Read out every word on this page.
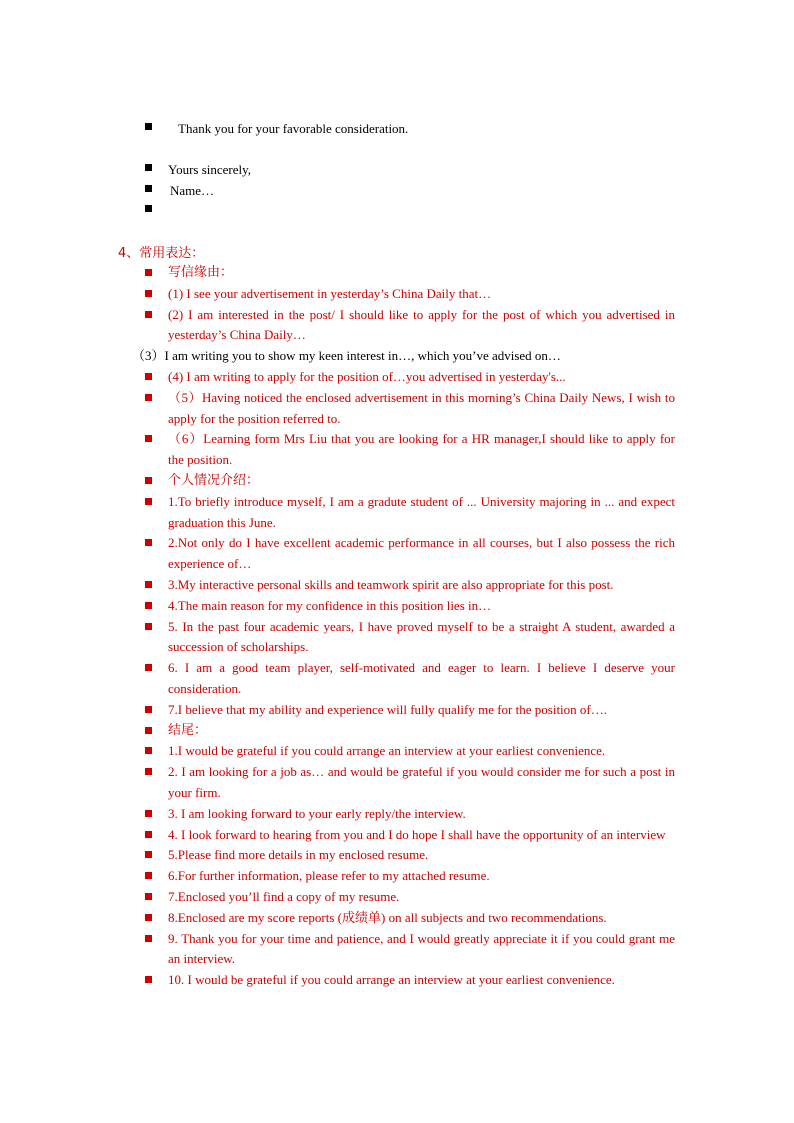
Thank you for your favorable consideration.
Yours sincerely,
Name…
4、常用表达：
写信缘由：
(1) I see your advertisement in yesterday’s China Daily that…
(2) I am interested in the post/ I should like to apply for the post of which you advertised in yesterday’s China Daily…
（3）I am writing you to show my keen interest in…, which you’ve advised on…
(4) I am writing to apply for the position of…you advertised in yesterday's...
（5）Having noticed the enclosed advertisement in this morning’s China Daily News, I wish to apply for the position referred to.
（6）Learning form Mrs Liu that you are looking for a HR manager,I should like to apply for the position.
个人情况介绍：
1.To briefly introduce myself, I am a gradute student of ... University majoring in ... and expect graduation this June.
2.Not only do I have excellent academic performance in all courses, but I also possess the rich experience of…
3.My interactive personal skills and teamwork spirit are also appropriate for this post.
4.The main reason for my confidence in this position lies in…
5. In the past four academic years, I have proved myself to be a straight A student, awarded a succession of scholarships.
6. I am a good team player, self-motivated and eager to learn. I believe I deserve your consideration.
7.I believe that my ability and experience will fully qualify me for the position of….
结尾：
1.I would be grateful if you could arrange an interview at your earliest convenience.
2. I am looking for a job as… and would be grateful if you would consider me for such a post in your firm.
3. I am looking forward to your early reply/the interview.
4. I look forward to hearing from you and I do hope I shall have the opportunity of an interview
5.Please find more details in my enclosed resume.
6.For further information, please refer to my attached resume.
7.Enclosed you’ll find a copy of my resume.
8.Enclosed are my score reports (成绩单) on all subjects and two recommendations.
9. Thank you for your time and patience, and I would greatly appreciate it if you could grant me an interview.
10. I would be grateful if you could arrange an interview at your earliest convenience.
